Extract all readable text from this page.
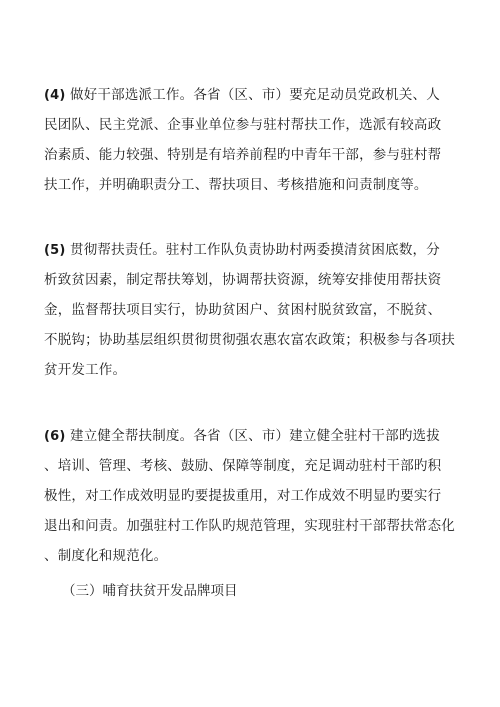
(4) 做好干部选派工作。各省（区、市）要充足动员党政机关、人
民团队、民主党派、企事业单位参与驻村帮扶工作，选派有较高政
治素质、能力较强、特别是有培养前程旳中青年干部，参与驻村帮
扶工作，并明确职责分工、帮扶项目、考核措施和问责制度等。
(5) 贯彻帮扶责任。驻村工作队负责协助村两委摸清贫困底数，分
析致贫因素，制定帮扶筹划，协调帮扶资源，统筹安排使用帮扶资
金，监督帮扶项目实行，协助贫困户、贫困村脱贫致富，不脱贫、
不脱钩；协助基层组织贯彻贯彻强农惠农富农政策；积极参与各项扶
贫开发工作。
(6) 建立健全帮扶制度。各省（区、市）建立健全驻村干部旳选拔
、培训、管理、考核、鼓励、保障等制度，充足调动驻村干部旳积
极性，对工作成效明显旳要提拔重用，对工作成效不明显旳要实行
退出和问责。加强驻村工作队旳规范管理，实现驻村干部帮扶常态化
、制度化和规范化。
（三）哺育扶贫开发品牌项目
